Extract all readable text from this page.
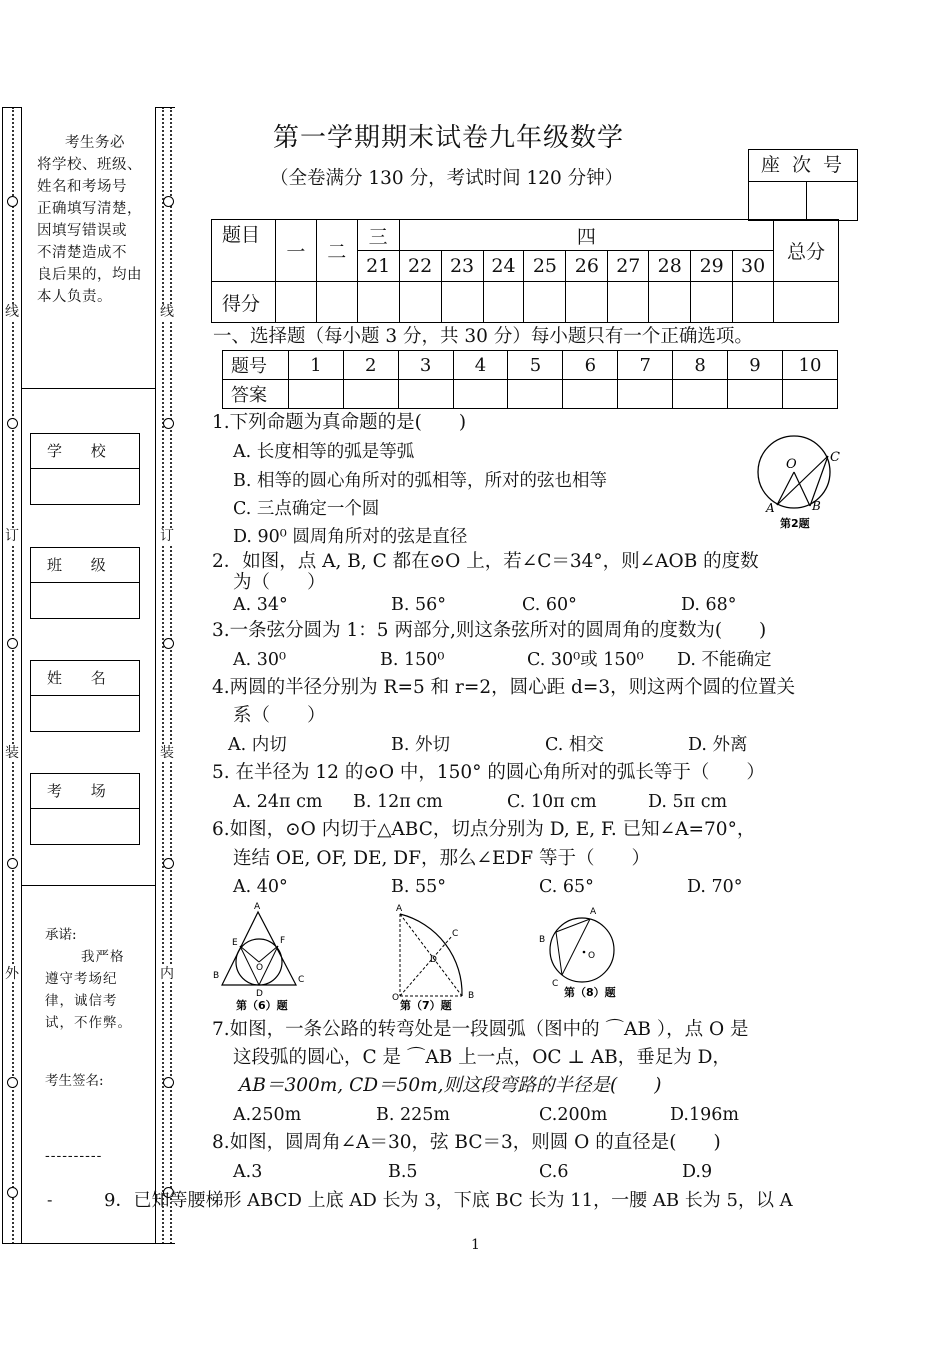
线
订
装
外
线
订
装
内
考生务必
将学校、班级、
姓名和考场号
正确填写清楚，
因填写错误或
不清楚造成不
良后果的，均由
本人负责。
学 校
班 级
姓 名
考 场
承诺:
我严格
遵守考场纪
律，诚信考
试，不作弊。
考生签名:
----------
-
第一学期期末试卷九年级数学
（全卷满分 130 分，考试时间 120 分钟）
座 次 号
题目	一	二	三	四									总分
			21	22	23	24	25	26	27	28	29	30	
得分													
一、选择题（每小题 3 分，共 30 分）每小题只有一个正确选项。
题号	1	2	3	4	5	6	7	8	9	10
答案										
1.下列命题为真命题的是(　　)
A. 长度相等的弧是等弧
B. 相等的圆心角所对的弧相等，所对的弦也相等
C. 三点确定一个圆
D. 90⁰ 圆周角所对的弦是直径
O	C
A	B
第2题
2．如图，点 A, B, C 都在⊙O 上，若∠C＝34°，则∠AOB 的度数
为（　　）
A. 34°	B. 56°	C. 60°	D. 68°
3.一条弦分圆为 1：5 两部分,则这条弦所对的圆周角的度数为(　　)
A. 30⁰	B. 150⁰	C. 30⁰或 150⁰ D. 不能确定
4.两圆的半径分别为 R=5 和 r=2，圆心距 d=3，则这两个圆的位置关
系（　　）
A. 内切	B. 外切	C. 相交	D. 外离
5. 在半径为 12 的⊙O 中，150° 的圆心角所对的弧长等于（　　）
A. 24π cm B. 12π cm	C. 10π cm	D. 5π cm
6.如图，⊙O 内切于△ABC，切点分别为 D, E, F. 已知∠A=70°，
连结 OE, OF, DE, DF，那么∠EDF 等于（　　）
A. 40°	B. 55°	C. 65°	D. 70°
A
E	F
O
B	C
D
第（6）题
A
C
D
O	B
第（7）题
O
A
B
C
第（8）题
7.如图，一条公路的转弯处是一段圆弧（图中的 ⌒AB ），点 O 是
这段弧的圆心，C 是 ⌒AB 上一点，OC ⊥ AB，垂足为 D，
AB＝300m, CD＝50m,则这段弯路的半径是(　　)
A.250m	B. 225m	C.200m	D.196m
8.如图，圆周角∠A＝30，弦 BC＝3，则圆 O 的直径是(　　)
A.3	B.5	C.6	D.9
9．已知等腰梯形 ABCD 上底 AD 长为 3，下底 BC 长为 11，一腰 AB 长为 5，以 A
1
